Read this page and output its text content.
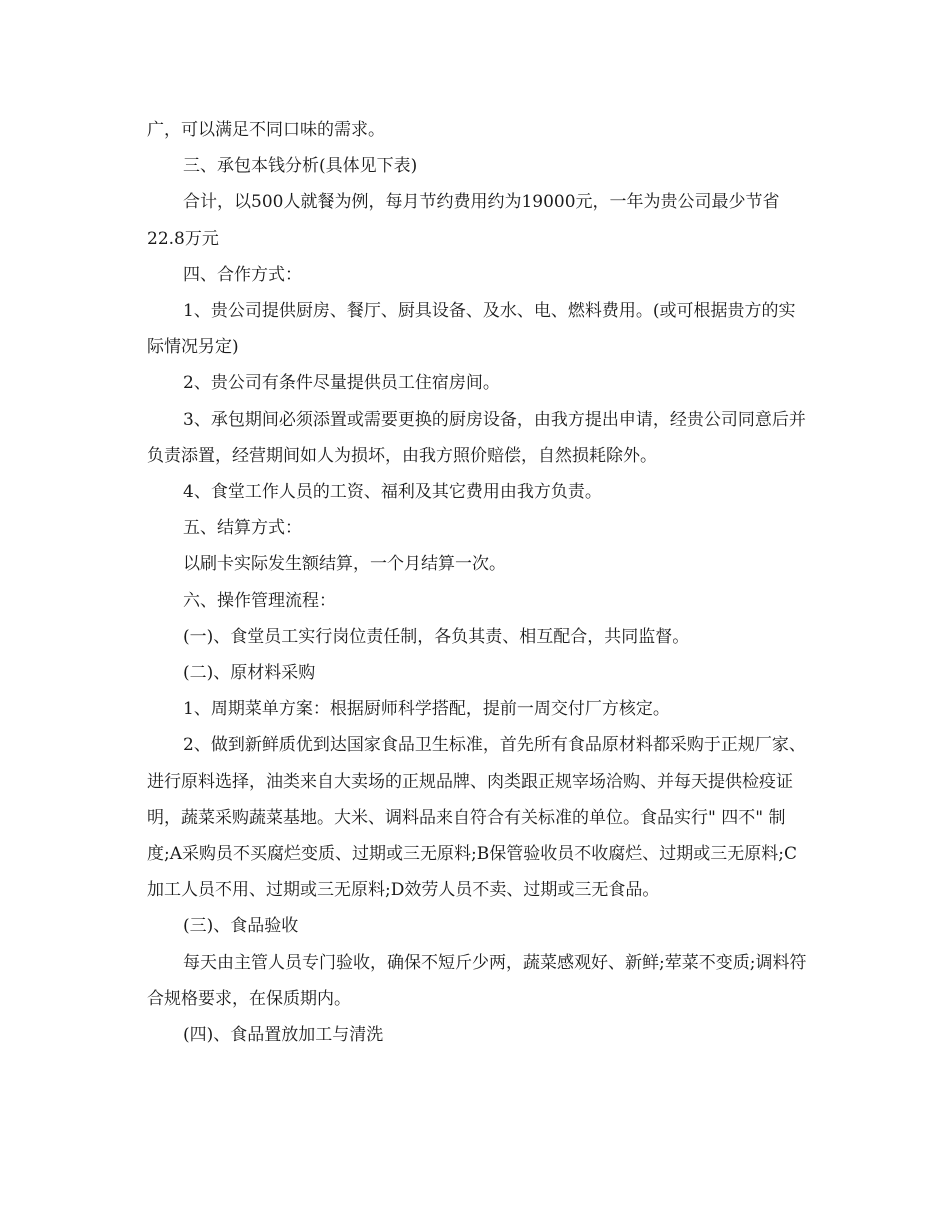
广，可以满足不同口味的需求。

三、承包本钱分析(具体见下表)

合计，以500人就餐为例，每月节约费用约为19000元，一年为贵公司最少节省22.8万元

四、合作方式：

1、贵公司提供厨房、餐厅、厨具设备、及水、电、燃料费用。(或可根据贵方的实际情况另定)

2、贵公司有条件尽量提供员工住宿房间。

3、承包期间必须添置或需要更换的厨房设备，由我方提出申请，经贵公司同意后并负责添置，经营期间如人为损坏，由我方照价赔偿，自然损耗除外。

4、食堂工作人员的工资、福利及其它费用由我方负责。

五、结算方式：

以刷卡实际发生额结算，一个月结算一次。

六、操作管理流程：

(一)、食堂员工实行岗位责任制，各负其责、相互配合，共同监督。

(二)、原材料采购

1、周期菜单方案：根据厨师科学搭配，提前一周交付厂方核定。

2、做到新鲜质优到达国家食品卫生标准，首先所有食品原材料都采购于正规厂家、进行原料选择，油类来自大卖场的正规品牌、肉类跟正规宰场洽购、并每天提供检疫证明，蔬菜采购蔬菜基地。大米、调料品来自符合有关标准的单位。食品实行" 四不" 制度;A采购员不买腐烂变质、过期或三无原料;B保管验收员不收腐烂、过期或三无原料;C加工人员不用、过期或三无原料;D效劳人员不卖、过期或三无食品。

(三)、食品验收

每天由主管人员专门验收，确保不短斤少两，蔬菜感观好、新鲜;荤菜不变质;调料符合规格要求，在保质期内。

(四)、食品置放加工与清洗
